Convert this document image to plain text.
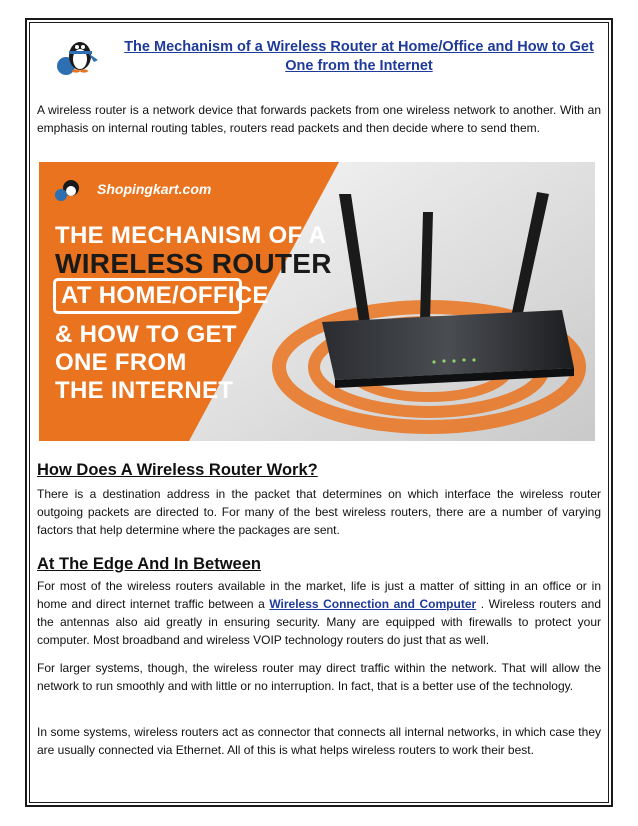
The Mechanism of a Wireless Router at Home/Office and How to Get One from the Internet
A wireless router is a network device that forwards packets from one wireless network to another. With an emphasis on internal routing tables, routers read packets and then decide where to send them.
Shopingkart.com
THE MECHANISM OF A
WIRELESS ROUTER
AT HOME/OFFICE
& HOW TO GET
ONE FROM
THE INTERNET
How Does A Wireless Router Work?
There is a destination address in the packet that determines on which interface the wireless router outgoing packets are directed to. For many of the best wireless routers, there are a number of varying factors that help determine where the packages are sent.
At The Edge And In Between
For most of the wireless routers available in the market, life is just a matter of sitting in an office or in home and direct internet traffic between a Wireless Connection and Computer . Wireless routers and the antennas also aid greatly in ensuring security. Many are equipped with firewalls to protect your computer. Most broadband and wireless VOIP technology routers do just that as well.
For larger systems, though, the wireless router may direct traffic within the network. That will allow the network to run smoothly and with little or no interruption. In fact, that is a better use of the technology.
In some systems, wireless routers act as connector that connects all internal networks, in which case they are usually connected via Ethernet. All of this is what helps wireless routers to work their best.
